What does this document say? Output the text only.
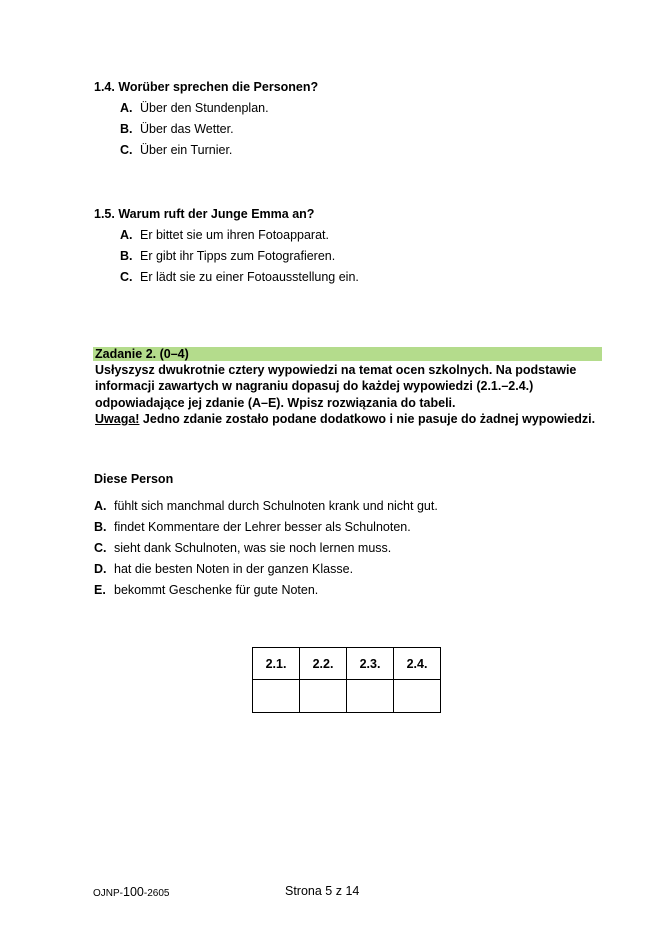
1.4. Worüber sprechen die Personen?
A. Über den Stundenplan.
B. Über das Wetter.
C. Über ein Turnier.
1.5. Warum ruft der Junge Emma an?
A. Er bittet sie um ihren Fotoapparat.
B. Er gibt ihr Tipps zum Fotografieren.
C. Er lädt sie zu einer Fotoausstellung ein.
Zadanie 2. (0–4)
Usłyszysz dwukrotnie cztery wypowiedzi na temat ocen szkolnych. Na podstawie
informacji zawartych w nagraniu dopasuj do każdej wypowiedzi (2.1.–2.4.)
odpowiadające jej zdanie (A–E). Wpisz rozwiązania do tabeli.
Uwaga! Jedno zdanie zostało podane dodatkowo i nie pasuje do żadnej wypowiedzi.
Diese Person
A. fühlt sich manchmal durch Schulnoten krank und nicht gut.
B. findet Kommentare der Lehrer besser als Schulnoten.
C. sieht dank Schulnoten, was sie noch lernen muss.
D. hat die besten Noten in der ganzen Klasse.
E. bekommt Geschenke für gute Noten.
2.1.	2.2.	2.3.	2.4.

OJNP-100-2605	Strona 5 z 14
